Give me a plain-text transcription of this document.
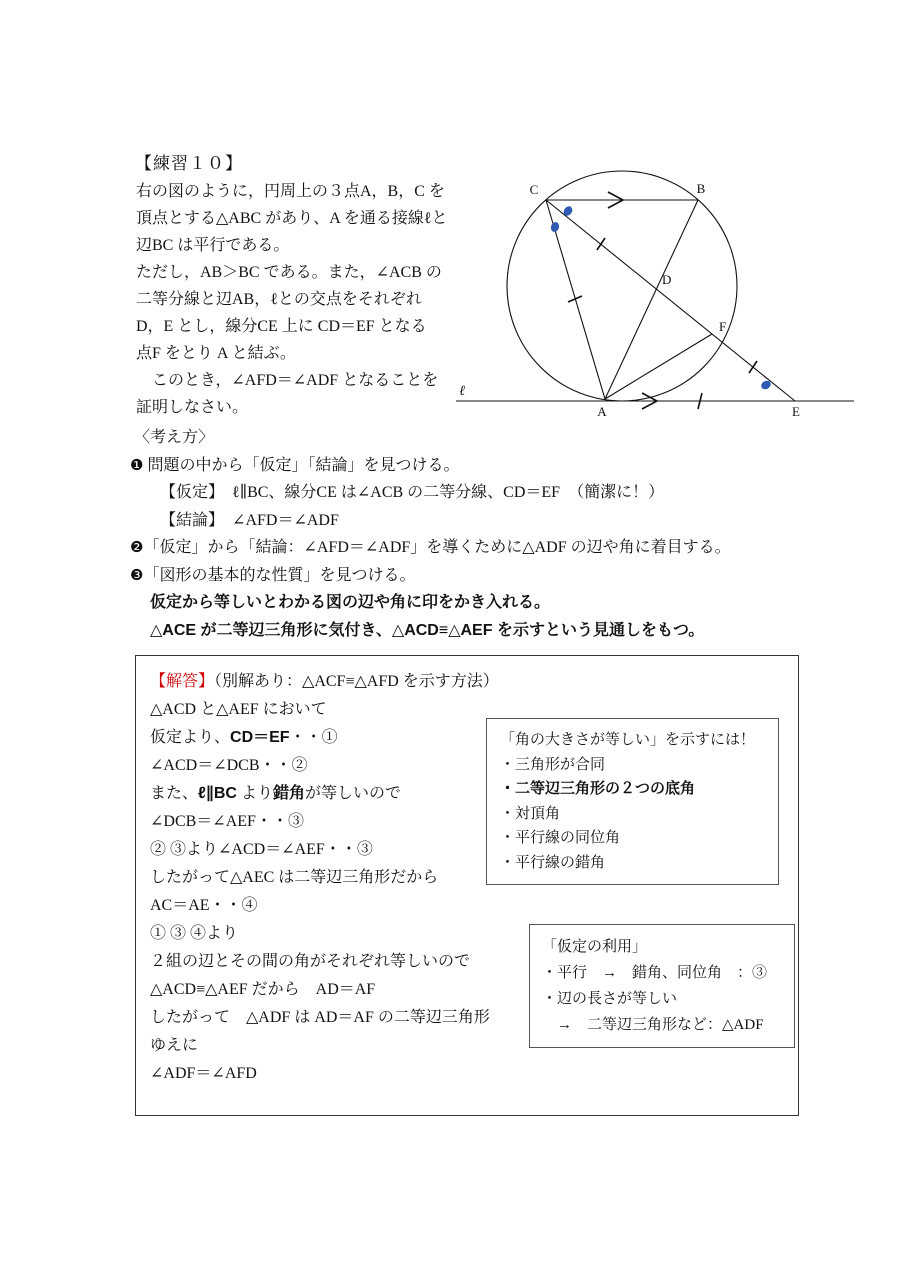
【練習１０】
右の図のように，円周上の３点A，B，C を
頂点とする△ABC があり、A を通る接線ℓと
辺BC は平行である。
ただし，AB＞BC である。また，∠ACB の
二等分線と辺AB，ℓとの交点をそれぞれ
D，E とし，線分CE 上に CD＝EF となる
点F をとり A と結ぶ。
　このとき，∠AFD＝∠ADF となることを
証明しなさい。
C	B
D
F
A	E
ℓ
〈考え方〉
❶ 問題の中から「仮定」「結論」を見つける。
【仮定】　 ℓ∥BC、線分CE は∠ACB の二等分線、CD＝EF　（簡潔に！）
【結論】　 ∠AFD＝∠ADF
❷「仮定」から「結論：∠AFD＝∠ADF」を導くために△ADF の辺や角に着目する。
❸「図形の基本的な性質」を見つける。
仮定から等しいとわかる図の辺や角に印をかき入れる。
△ACE が二等辺三角形に気付き、△ACD≡△AEF を示すという見通しをもつ。
【解答】（別解あり：△ACF≡△AFD を示す方法）
△ACD と△AEF において
仮定より、CD＝EF・・①
∠ACD＝∠DCB・・②
また、ℓ∥BC より錯角が等しいので
∠DCB＝∠AEF・・③
② ③より∠ACD＝∠AEF・・③
したがって△AEC は二等辺三角形だから
AC＝AE・・④
① ③ ④より
２組の辺とその間の角がそれぞれ等しいので
△ACD≡△AEF だから　AD＝AF
したがって　△ADF は AD＝AF の二等辺三角形
ゆえに
∠ADF＝∠AFD
「角の大きさが等しい」を示すには！
・三角形が合同
・二等辺三角形の２つの底角
・対頂角
・平行線の同位角
・平行線の錯角
「仮定の利用」
・平行　→　錯角、同位角　：③
・辺の長さが等しい
　→　二等辺三角形など：△ADF
